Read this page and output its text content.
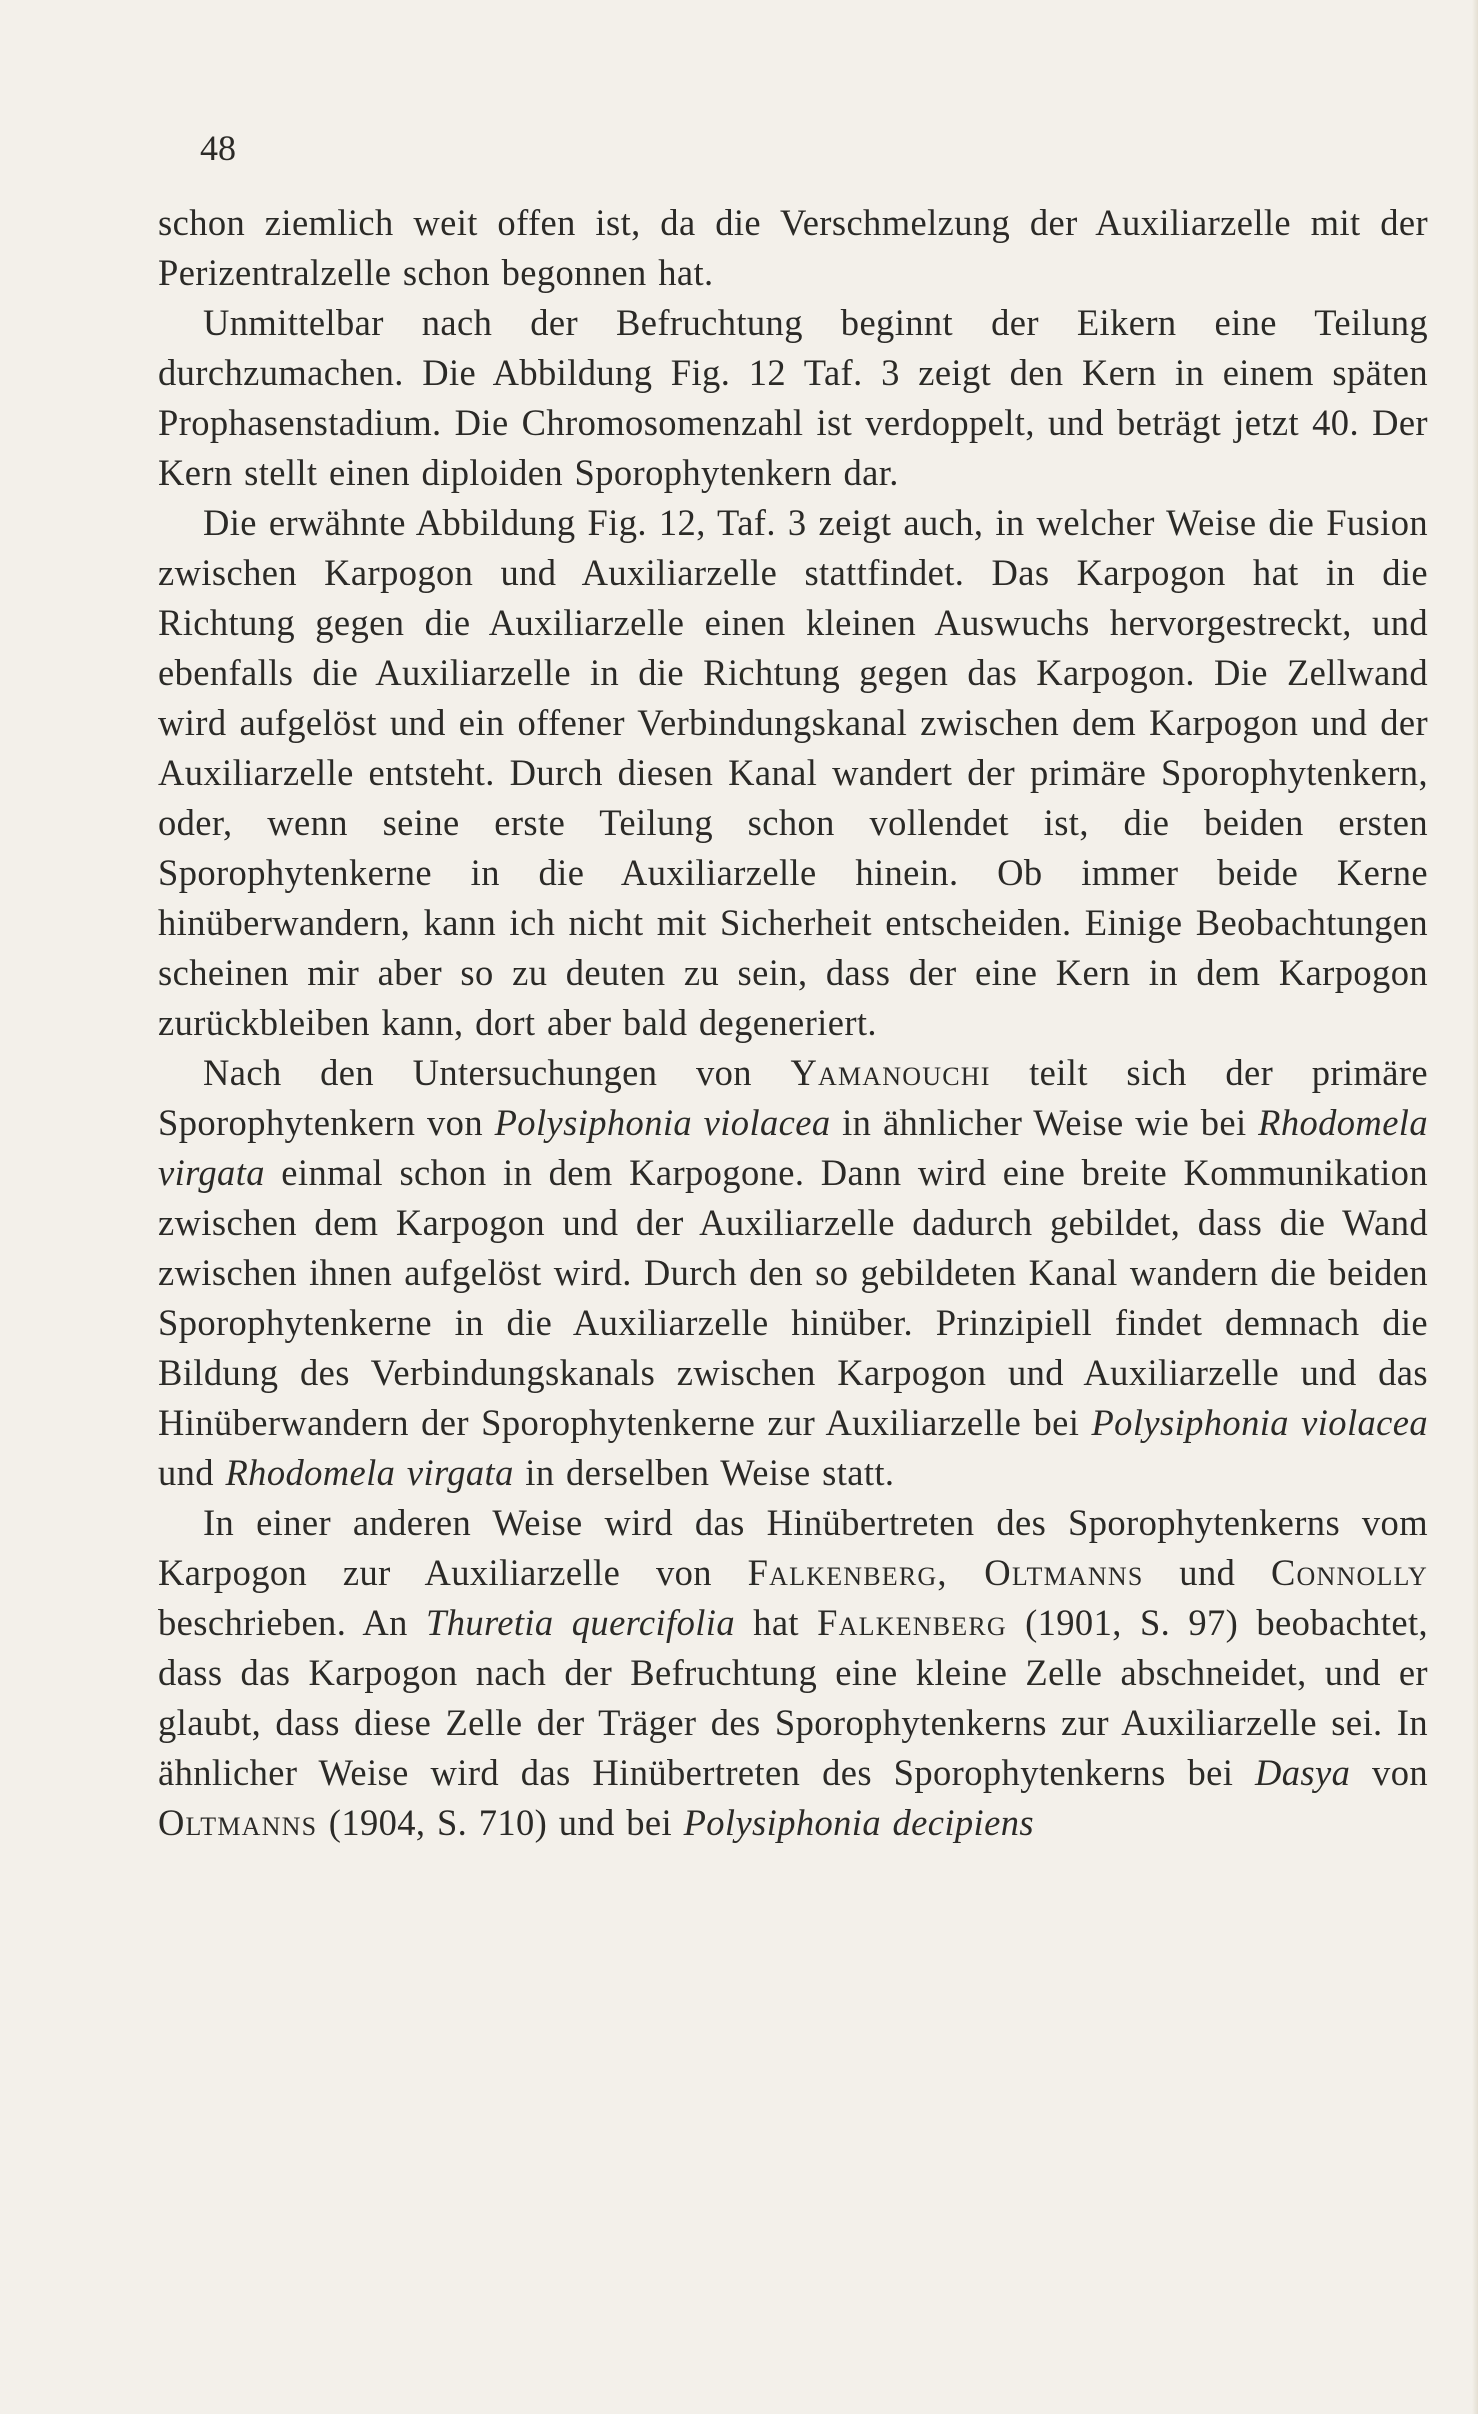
48

schon ziemlich weit offen ist, da die Verschmelzung der Auxiliarzelle mit der Perizentralzelle schon begonnen hat.

Unmittelbar nach der Befruchtung beginnt der Eikern eine Teilung durchzumachen. Die Abbildung Fig. 12 Taf. 3 zeigt den Kern in einem späten Prophasenstadium. Die Chromosomenzahl ist verdoppelt, und beträgt jetzt 40. Der Kern stellt einen diploiden Sporophytenkern dar.

Die erwähnte Abbildung Fig. 12, Taf. 3 zeigt auch, in welcher Weise die Fusion zwischen Karpogon und Auxiliarzelle stattfindet. Das Karpogon hat in die Richtung gegen die Auxiliarzelle einen kleinen Auswuchs hervorgestreckt, und ebenfalls die Auxiliarzelle in die Richtung gegen das Karpogon. Die Zellwand wird aufgelöst und ein offener Verbindungskanal zwischen dem Karpogon und der Auxiliarzelle entsteht. Durch diesen Kanal wandert der primäre Sporophytenkern, oder, wenn seine erste Teilung schon vollendet ist, die beiden ersten Sporophytenkerne in die Auxiliarzelle hinein. Ob immer beide Kerne hinüberwandern, kann ich nicht mit Sicherheit entscheiden. Einige Beobachtungen scheinen mir aber so zu deuten zu sein, dass der eine Kern in dem Karpogon zurückbleiben kann, dort aber bald degeneriert.

Nach den Untersuchungen von Yamanouchi teilt sich der primäre Sporophytenkern von Polysiphonia violacea in ähnlicher Weise wie bei Rhodomela virgata einmal schon in dem Karpogone. Dann wird eine breite Kommunikation zwischen dem Karpogon und der Auxiliarzelle dadurch gebildet, dass die Wand zwischen ihnen aufgelöst wird. Durch den so gebildeten Kanal wandern die beiden Sporophytenkerne in die Auxiliarzelle hinüber. Prinzipiell findet demnach die Bildung des Verbindungskanals zwischen Karpogon und Auxiliarzelle und das Hinüberwandern der Sporophytenkerne zur Auxiliarzelle bei Polysiphonia violacea und Rhodomela virgata in derselben Weise statt.

In einer anderen Weise wird das Hinübertreten des Sporophytenkerns vom Karpogon zur Auxiliarzelle von Falkenberg, Oltmanns und Connolly beschrieben. An Thuretia quercifolia hat Falkenberg (1901, S. 97) beobachtet, dass das Karpogon nach der Befruchtung eine kleine Zelle abschneidet, und er glaubt, dass diese Zelle der Träger des Sporophytenkerns zur Auxiliarzelle sei. In ähnlicher Weise wird das Hinübertreten des Sporophytenkerns bei Dasya von Oltmanns (1904, S. 710) und bei Polysiphonia decipiens
